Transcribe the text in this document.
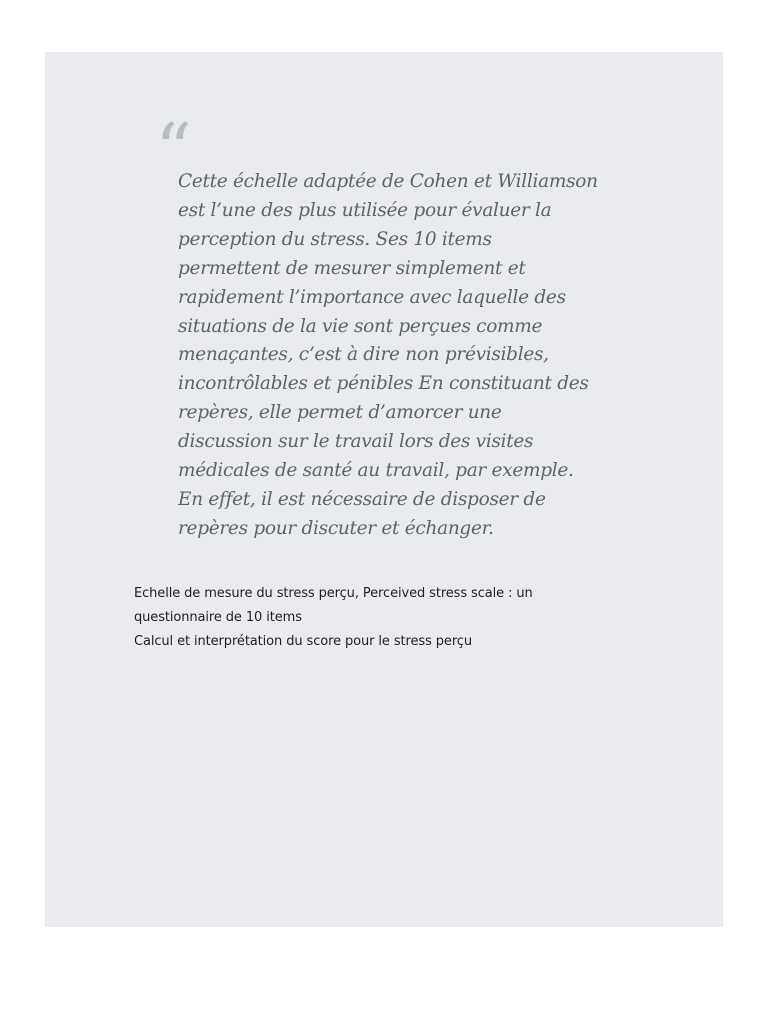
“

Cette échelle adaptée de Cohen et Williamson est l’une des plus utilisée pour évaluer la perception du stress. Ses 10 items permettent de mesurer simplement et rapidement l’importance avec laquelle des situations de la vie sont perçues comme menaçantes, c’est à dire non prévisibles, incontrôlables et pénibles En constituant des repères, elle permet d’amorcer une discussion sur le travail lors des visites médicales de santé au travail, par exemple. En effet, il est nécessaire de disposer de repères pour discuter et échanger.

Echelle de mesure du stress perçu, Perceived stress scale : un questionnaire de 10 items

Calcul et interprétation du score pour le stress perçu
